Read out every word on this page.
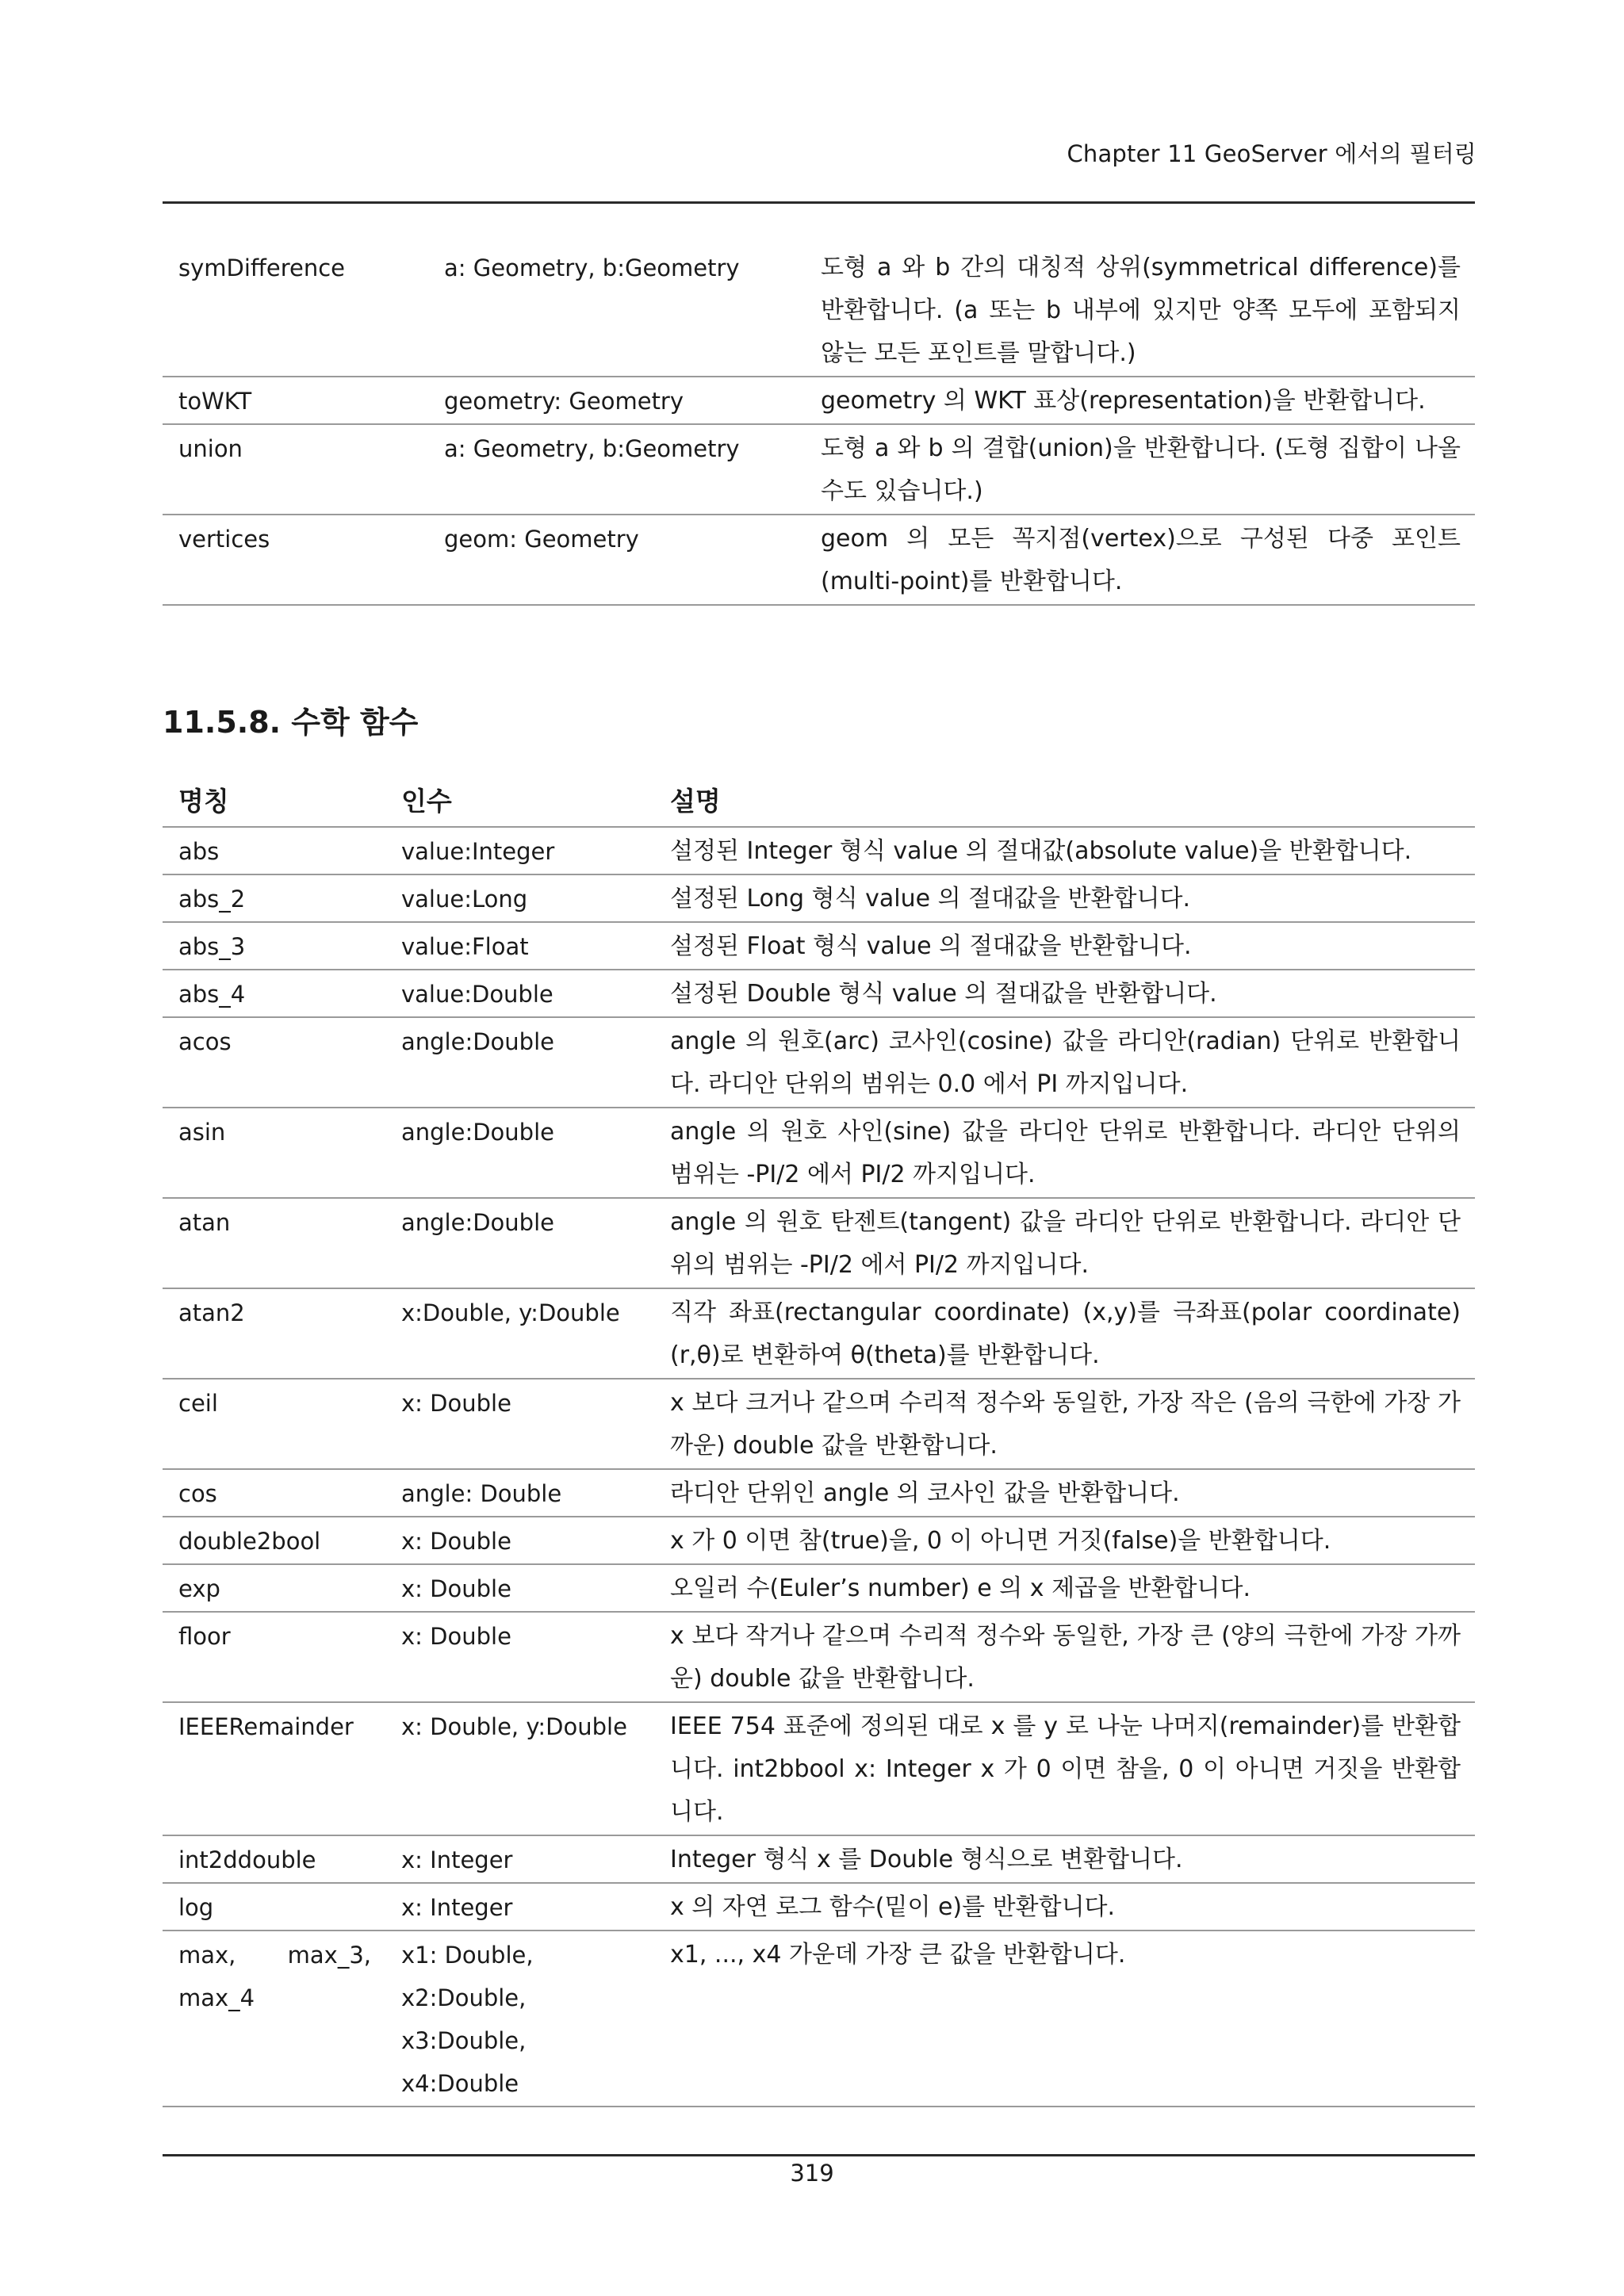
Chapter 11 GeoServer 에서의 필터링
symDifference	a: Geometry, b:Geometry	도형 a 와 b 간의 대칭적 상위(symmetrical difference)를 반환합니다. (a 또는 b 내부에 있지만 양쪽 모두에 포함되지 않는 모든 포인트를 말합니다.)
toWKT	geometry: Geometry	geometry 의 WKT 표상(representation)을 반환합니다.
union	a: Geometry, b:Geometry	도형 a 와 b 의 결합(union)을 반환합니다. (도형 집합이 나올 수도 있습니다.)
vertices	geom: Geometry	geom 의 모든 꼭지점(vertex)으로 구성된 다중 포인트(multi-point)를 반환합니다.
11.5.8. 수학 함수
명칭	인수	설명
abs	value:Integer	설정된 Integer 형식 value 의 절대값(absolute value)을 반환합니다.
abs_2	value:Long	설정된 Long 형식 value 의 절대값을 반환합니다.
abs_3	value:Float	설정된 Float 형식 value 의 절대값을 반환합니다.
abs_4	value:Double	설정된 Double 형식 value 의 절대값을 반환합니다.
acos	angle:Double	angle 의 원호(arc) 코사인(cosine) 값을 라디안(radian) 단위로 반환합니다. 라디안 단위의 범위는 0.0 에서 PI 까지입니다.
asin	angle:Double	angle 의 원호 사인(sine) 값을 라디안 단위로 반환합니다. 라디안 단위의 범위는 -PI/2 에서 PI/2 까지입니다.
atan	angle:Double	angle 의 원호 탄젠트(tangent) 값을 라디안 단위로 반환합니다. 라디안 단위의 범위는 -PI/2 에서 PI/2 까지입니다.
atan2	x:Double, y:Double	직각 좌표(rectangular coordinate) (x,y)를 극좌표(polar coordinate) (r,θ)로 변환하여 θ(theta)를 반환합니다.
ceil	x: Double	x 보다 크거나 같으며 수리적 정수와 동일한, 가장 작은 (음의 극한에 가장 가까운) double 값을 반환합니다.
cos	angle: Double	라디안 단위인 angle 의 코사인 값을 반환합니다.
double2bool	x: Double	x 가 0 이면 참(true)을, 0 이 아니면 거짓(false)을 반환합니다.
exp	x: Double	오일러 수(Euler’s number) e 의 x 제곱을 반환합니다.
floor	x: Double	x 보다 작거나 같으며 수리적 정수와 동일한, 가장 큰 (양의 극한에 가장 가까운) double 값을 반환합니다.
IEEERemainder	x: Double, y:Double	IEEE 754 표준에 정의된 대로 x 를 y 로 나눈 나머지(remainder)를 반환합니다. int2bbool x: Integer x 가 0 이면 참을, 0 이 아니면 거짓을 반환합니다.
int2ddouble	x: Integer	Integer 형식 x 를 Double 형식으로 변환합니다.
log	x: Integer	x 의 자연 로그 함수(밑이 e)를 반환합니다.
max, max_3, max_4	x1: Double, x2:Double, x3:Double, x4:Double	x1, ..., x4 가운데 가장 큰 값을 반환합니다.
319
